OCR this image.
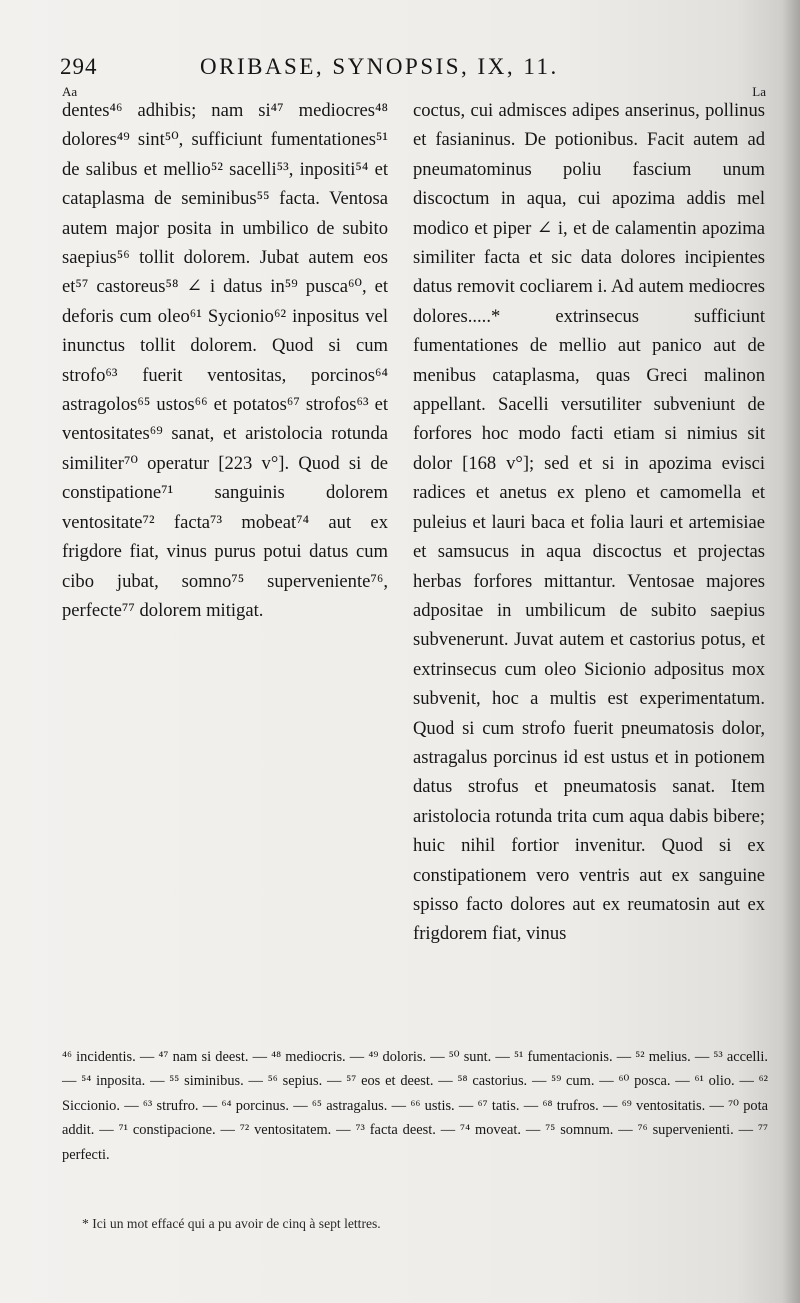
294	ORIBASE, SYNOPSIS, IX, 11.
Aa	La

dentes⁴⁶ adhibis; nam si⁴⁷ mediocres⁴⁸ dolores⁴⁹ sint⁵⁰, sufficiunt fumentationes⁵¹ de salibus et mellio⁵² sacelli⁵³, inpositi⁵⁴ et cataplasma de seminibus⁵⁵ facta. Ventosa autem major posita in umbilico de subito saepius⁵⁶ tollit dolorem. Jubat autem eos et⁵⁷ castoreus⁵⁸ ∠ i datus in⁵⁹ pusca⁶⁰, et deforis cum oleo⁶¹ Sycionio⁶² inpositus vel inunctus tollit dolorem. Quod si cum strofo⁶³ fuerit ventositas, porcinos⁶⁴ astragolos⁶⁵ ustos⁶⁶ et potatos⁶⁷ strofos⁶³ et ventositates⁶⁹ sanat, et aristolocia rotunda similiter⁷⁰ operatur [223 v°]. Quod si de constipatione⁷¹ sanguinis dolorem ventositate⁷² facta⁷³ mobeat⁷⁴ aut ex frigdore fiat, vinus purus potui datus cum cibo jubat, somno⁷⁵ superveniente⁷⁶, perfecte⁷⁷ dolorem mitigat.

coctus, cui admisces adipes anserinus, pollinus et fasianinus. De potionibus. Facit autem ad pneumatominus poliu fascium unum discoctum in aqua, cui apozima addis mel modico et piper ∠ i, et de calamentin apozima similiter facta et sic data dolores incipientes datus removit cocliarem i. Ad autem mediocres dolores.....* extrinsecus sufficiunt fumentationes de mellio aut panico aut de menibus cataplasma, quas Greci malinon appellant. Sacelli versutiliter subveniunt de forfores hoc modo facti etiam si nimius sit dolor [168 v°]; sed et si in apozima evisci radices et anetus ex pleno et camomella et puleius et lauri baca et folia lauri et artemisiae et samsucus in aqua discoctus et projectas herbas forfores mittantur. Ventosae majores adpositae in umbilicum de subito saepius subvenerunt. Juvat autem et castorius potus, et extrinsecus cum oleo Sicionio adpositus mox subvenit, hoc a multis est experimentatum. Quod si cum strofo fuerit pneumatosis dolor, astragalus porcinus id est ustus et in potionem datus strofus et pneumatosis sanat. Item aristolocia rotunda trita cum aqua dabis bibere; huic nihil fortior invenitur. Quod si ex constipationem vero ventris aut ex sanguine spisso facto dolores aut ex reumatosin aut ex frigdorem fiat, vinus

⁴⁶ incidentis. — ⁴⁷ nam si deest. — ⁴⁸ mediocris. — ⁴⁹ doloris. — ⁵⁰ sunt. — ⁵¹ fumentacionis. — ⁵² melius. — ⁵³ accelli. — ⁵⁴ inposita. — ⁵⁵ siminibus. — ⁵⁶ sepius. — ⁵⁷ eos et deest. — ⁵⁸ castorius. — ⁵⁹ cum. — ⁶⁰ posca. — ⁶¹ olio. — ⁶² Siccionio. — ⁶³ strufro. — ⁶⁴ porcinus. — ⁶⁵ astragalus. — ⁶⁶ ustis. — ⁶⁷ tatis. — ⁶⁸ trufros. — ⁶⁹ ventositatis. — ⁷⁰ pota addit. — ⁷¹ constipacione. — ⁷² ventositatem. — ⁷³ facta deest. — ⁷⁴ moveat. — ⁷⁵ somnum. — ⁷⁶ supervenienti. — ⁷⁷ perfecti.

* Ici un mot effacé qui a pu avoir de cinq à sept lettres.
